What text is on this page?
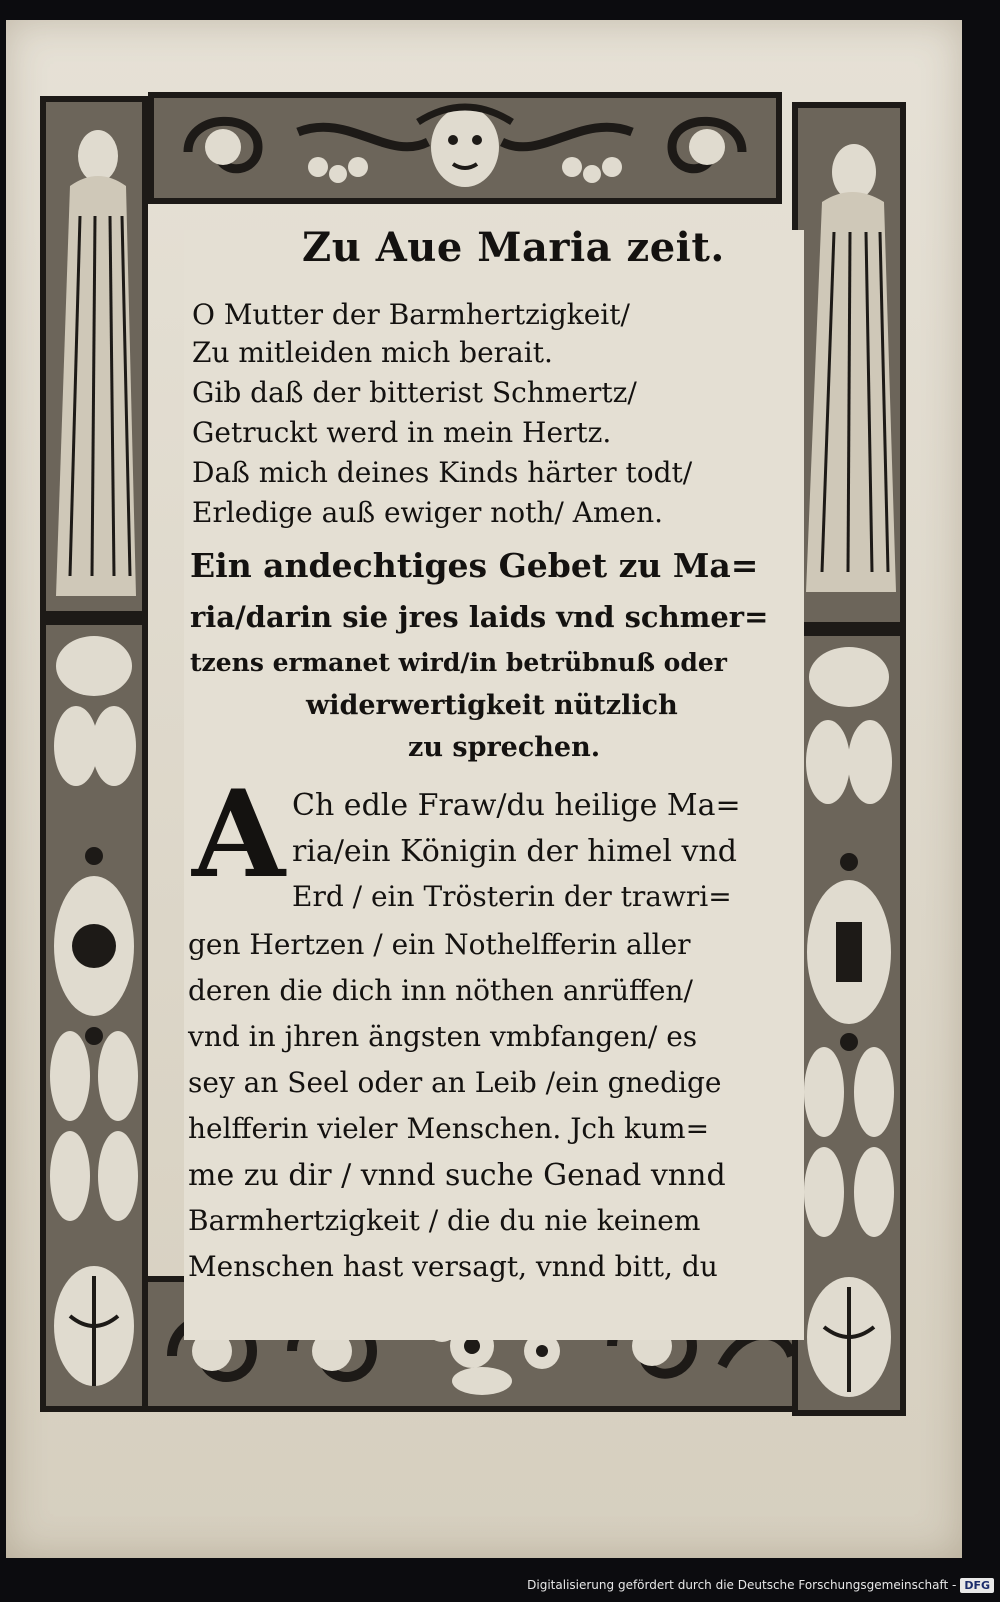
Zu Aue Maria zeit.
O Mutter der Barmhertzigkeit/
Zu mitleiden mich berait.
Gib daß der bitterist Schmertz/
Getruckt werd in mein Hertz.
Daß mich deines Kinds härter todt/
Erledige auß ewiger noth/ Amen.
Ein andechtiges Gebet zu Ma=
ria/darin sie jres laids vnd schmer=
tzens ermanet wird/in betrübnuß oder
widerwertigkeit nützlich
zu sprechen.
A Ch edle Fraw/du heilige Ma=
ria/ein Königin der himel vnd
Erd / ein Trösterin der trawri=
gen Hertzen / ein Nothelfferin aller
deren die dich inn nöthen anrüffen/
vnd in jhren ängsten vmbfangen/ es
sey an Seel oder an Leib /ein gnedige
helfferin vieler Menschen. Jch kum=
me zu dir / vnnd suche Genad vnnd
Barmhertzigkeit / die du nie keinem
Menschen hast versagt, vnnd bitt, du
Digitalisierung gefördert durch die Deutsche Forschungsgemeinschaft - DFG
